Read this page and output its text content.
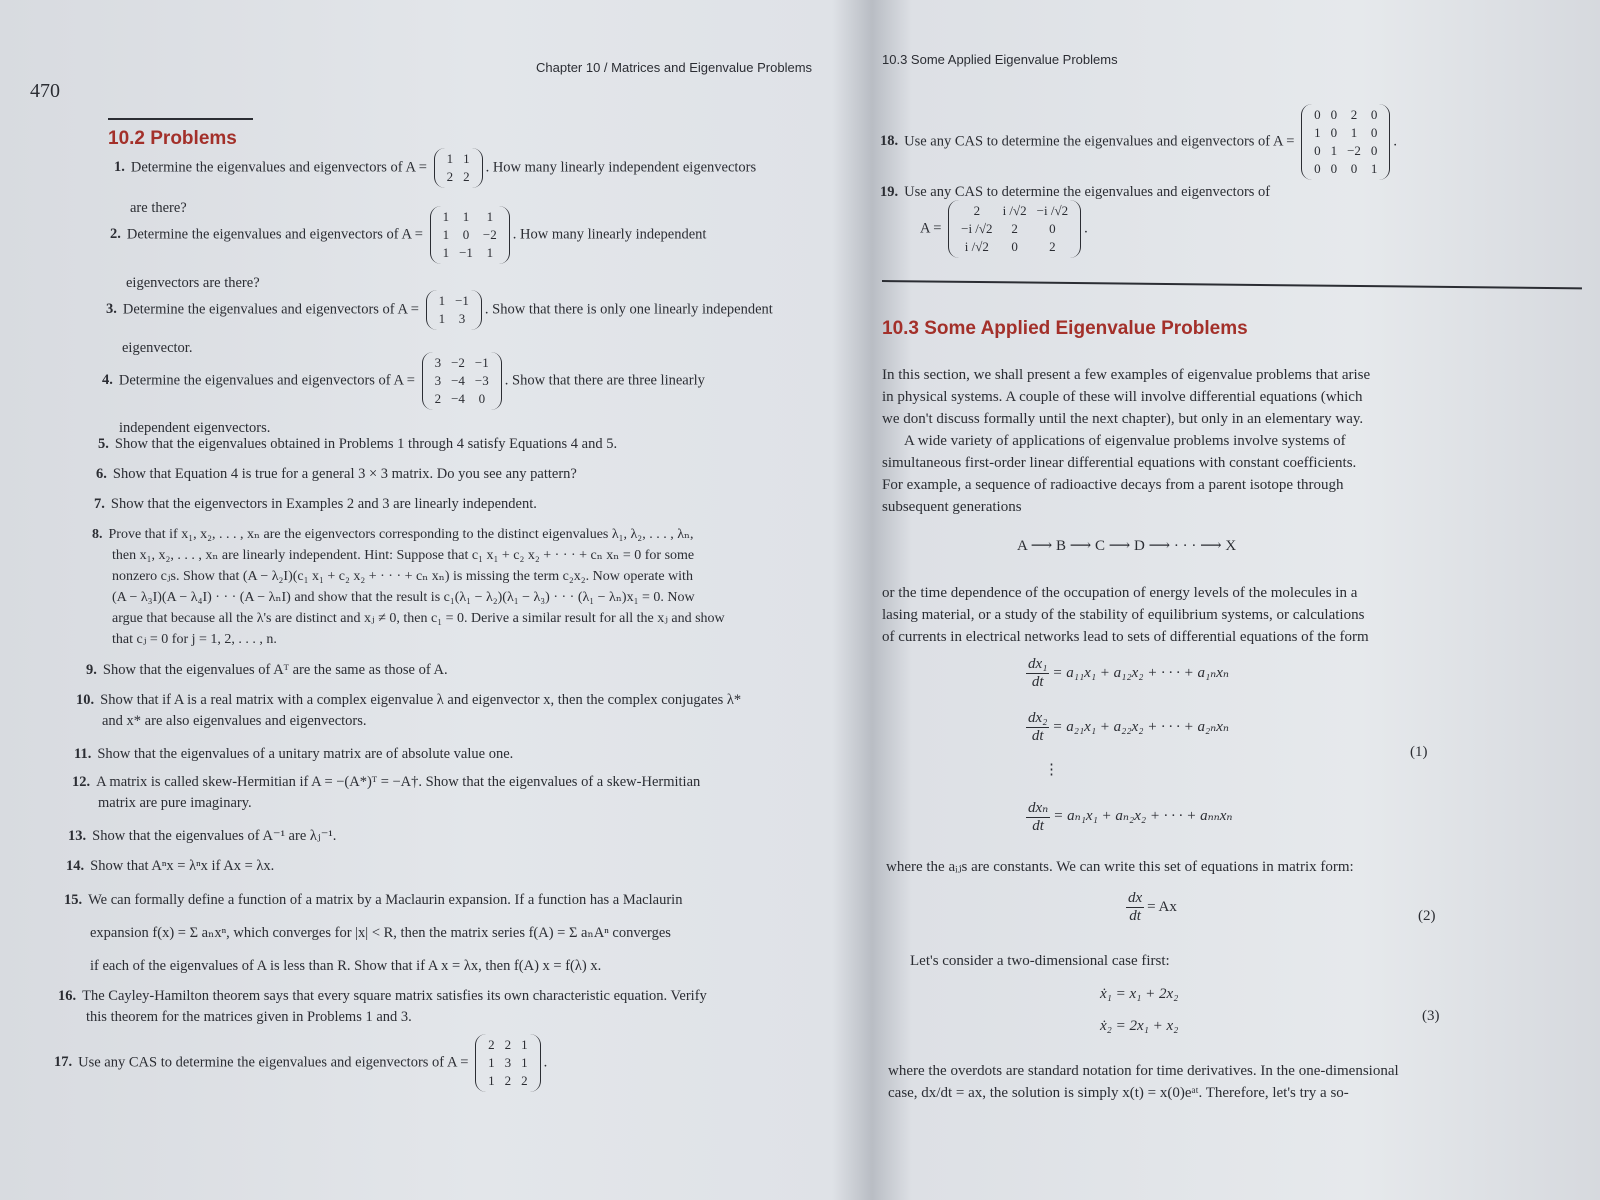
470
Chapter 10 / Matrices and Eigenvalue Problems
10.2 Problems
1. Determine the eigenvalues and eigenvectors of A =
1	1
2	2
. How many linearly independent eigenvectors
are there?
2. Determine the eigenvalues and eigenvectors of A =
1	1	1
1	0	−2
1	−1	1
. How many linearly independent
eigenvectors are there?
3. Determine the eigenvalues and eigenvectors of A =
1	−1
1	3
. Show that there is only one linearly independent
eigenvector.
4. Determine the eigenvalues and eigenvectors of A =
3	−2	−1
3	−4	−3
2	−4	0
. Show that there are three linearly
independent eigenvectors.
5. Show that the eigenvalues obtained in Problems 1 through 4 satisfy Equations 4 and 5.
6. Show that Equation 4 is true for a general 3 × 3 matrix. Do you see any pattern?
7. Show that the eigenvectors in Examples 2 and 3 are linearly independent.
8. Prove that if x₁, x₂, . . . , xₙ are the eigenvectors corresponding to the distinct eigenvalues λ₁, λ₂, . . . , λₙ,
then x₁, x₂, . . . , xₙ are linearly independent. Hint: Suppose that c₁ x₁ + c₂ x₂ + · · · + cₙ xₙ = 0 for some
nonzero cⱼs. Show that (A − λ₂I)(c₁ x₁ + c₂ x₂ + · · · + cₙ xₙ) is missing the term c₂x₂. Now operate with
(A − λ₃I)(A − λ₄I) · · · (A − λₙI) and show that the result is c₁(λ₁ − λ₂)(λ₁ − λ₃) · · · (λ₁ − λₙ)x₁ = 0. Now
argue that because all the λ's are distinct and xⱼ ≠ 0, then c₁ = 0. Derive a similar result for all the xⱼ and show
that cⱼ = 0 for j = 1, 2, . . . , n.
9. Show that the eigenvalues of Aᵀ are the same as those of A.
10. Show that if A is a real matrix with a complex eigenvalue λ and eigenvector x, then the complex conjugates λ*
and x* are also eigenvalues and eigenvectors.
11. Show that the eigenvalues of a unitary matrix are of absolute value one.
12. A matrix is called skew-Hermitian if A = −(A*)ᵀ = −A†. Show that the eigenvalues of a skew-Hermitian
matrix are pure imaginary.
13. Show that the eigenvalues of A⁻¹ are λⱼ⁻¹.
14. Show that Aⁿx = λⁿx if Ax = λx.
15. We can formally define a function of a matrix by a Maclaurin expansion. If a function has a Maclaurin
expansion f(x) = Σ aₙxⁿ, which converges for |x| < R, then the matrix series f(A) = Σ aₙAⁿ converges
if each of the eigenvalues of A is less than R. Show that if A x = λx, then f(A) x = f(λ) x.
16. The Cayley-Hamilton theorem says that every square matrix satisfies its own characteristic equation. Verify
this theorem for the matrices given in Problems 1 and 3.
17. Use any CAS to determine the eigenvalues and eigenvectors of A =
2	2	1
1	3	1
1	2	2
.
10.3 Some Applied Eigenvalue Problems
18. Use any CAS to determine the eigenvalues and eigenvectors of A =
0	0	2	0
1	0	1	0
0	1	−2	0
0	0	0	1
.
19. Use any CAS to determine the eigenvalues and eigenvectors of
A =
2	i /√2	−i /√2
−i /√2	2	0
i /√2	0	2
.
10.3 Some Applied Eigenvalue Problems
In this section, we shall present a few examples of eigenvalue problems that arise
in physical systems. A couple of these will involve differential equations (which
we don't discuss formally until the next chapter), but only in an elementary way.
A wide variety of applications of eigenvalue problems involve systems of
simultaneous first-order linear differential equations with constant coefficients.
For example, a sequence of radioactive decays from a parent isotope through
subsequent generations
A ⟶ B ⟶ C ⟶ D ⟶ · · · ⟶ X
or the time dependence of the occupation of energy levels of the molecules in a
lasing material, or a study of the stability of equilibrium systems, or calculations
of currents in electrical networks lead to sets of differential equations of the form
$\frac{\text{dx₁}}{dt} = a_{11}x_1 + a_{12}x_2$ + · · · + a₁ₙxₙ
$\frac{\text{dx₂}}{dt} = a_{21}x_1 + a_{22}x_2$ + · · · + a₂ₙxₙ
⋮
$\frac{\text{dxₙ}}{dt} = a_{n1}x_1 + a_{n2}x_2$ + · · · + aₙₙxₙ
(1)
where the aᵢⱼs are constants. We can write this set of equations in matrix form:
$\frac{dx}{dt} = Ax$
(2)
Let's consider a two-dimensional case first:
ẋ₁ = x₁ + 2x₂
ẋ₂ = 2x₁ + x₂
(3)
where the overdots are standard notation for time derivatives. In the one-dimensional
case, dx/dt = ax, the solution is simply x(t) = x(0)eᵃᵗ. Therefore, let's try a so-
